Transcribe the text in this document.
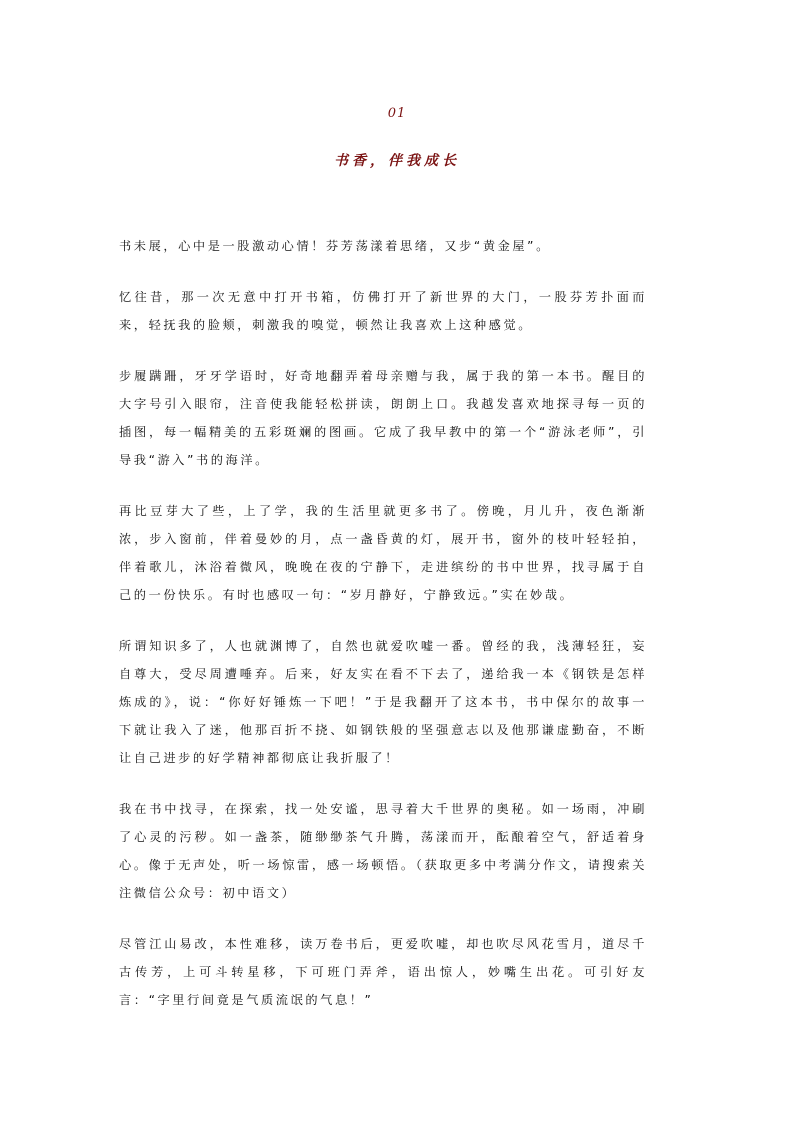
01
书香，伴我成长

书未展，心中是一股激动心情！芬芳荡漾着思绪，又步“黄金屋”。

忆往昔，那一次无意中打开书箱，仿佛打开了新世界的大门，一股芬芳扑面而来，轻抚我的脸颊，刺激我的嗅觉，顿然让我喜欢上这种感觉。

步履蹒跚，牙牙学语时，好奇地翻弄着母亲赠与我，属于我的第一本书。醒目的大字号引入眼帘，注音使我能轻松拼读，朗朗上口。我越发喜欢地探寻每一页的插图，每一幅精美的五彩斑斓的图画。它成了我早教中的第一个“游泳老师”，引导我“游入”书的海洋。

再比豆芽大了些，上了学，我的生活里就更多书了。傍晚，月儿升，夜色渐渐浓，步入窗前，伴着曼妙的月，点一盏昏黄的灯，展开书，窗外的枝叶轻轻拍，伴着歌儿，沐浴着微风，晚晚在夜的宁静下，走进缤纷的书中世界，找寻属于自己的一份快乐。有时也感叹一句：“岁月静好，宁静致远。”实在妙哉。

所谓知识多了，人也就渊博了，自然也就爱吹嘘一番。曾经的我，浅薄轻狂，妄自尊大，受尽周遭唾弃。后来，好友实在看不下去了，递给我一本《钢铁是怎样炼成的》，说：“你好好锤炼一下吧！”于是我翻开了这本书，书中保尔的故事一下就让我入了迷，他那百折不挠、如钢铁般的坚强意志以及他那谦虚勤奋，不断让自己进步的好学精神都彻底让我折服了！

我在书中找寻，在探索，找一处安谧，思寻着大千世界的奥秘。如一场雨，冲刷了心灵的污秽。如一盏茶，随缈缈茶气升腾，荡漾而开，酝酿着空气，舒适着身心。像于无声处，听一场惊雷，感一场顿悟。（获取更多中考满分作文，请搜索关注微信公众号：初中语文）

尽管江山易改，本性难移，读万卷书后，更爱吹嘘，却也吹尽风花雪月，道尽千古传芳，上可斗转星移，下可班门弄斧，语出惊人，妙嘴生出花。可引好友言：“字里行间竟是气质流氓的气息！”
